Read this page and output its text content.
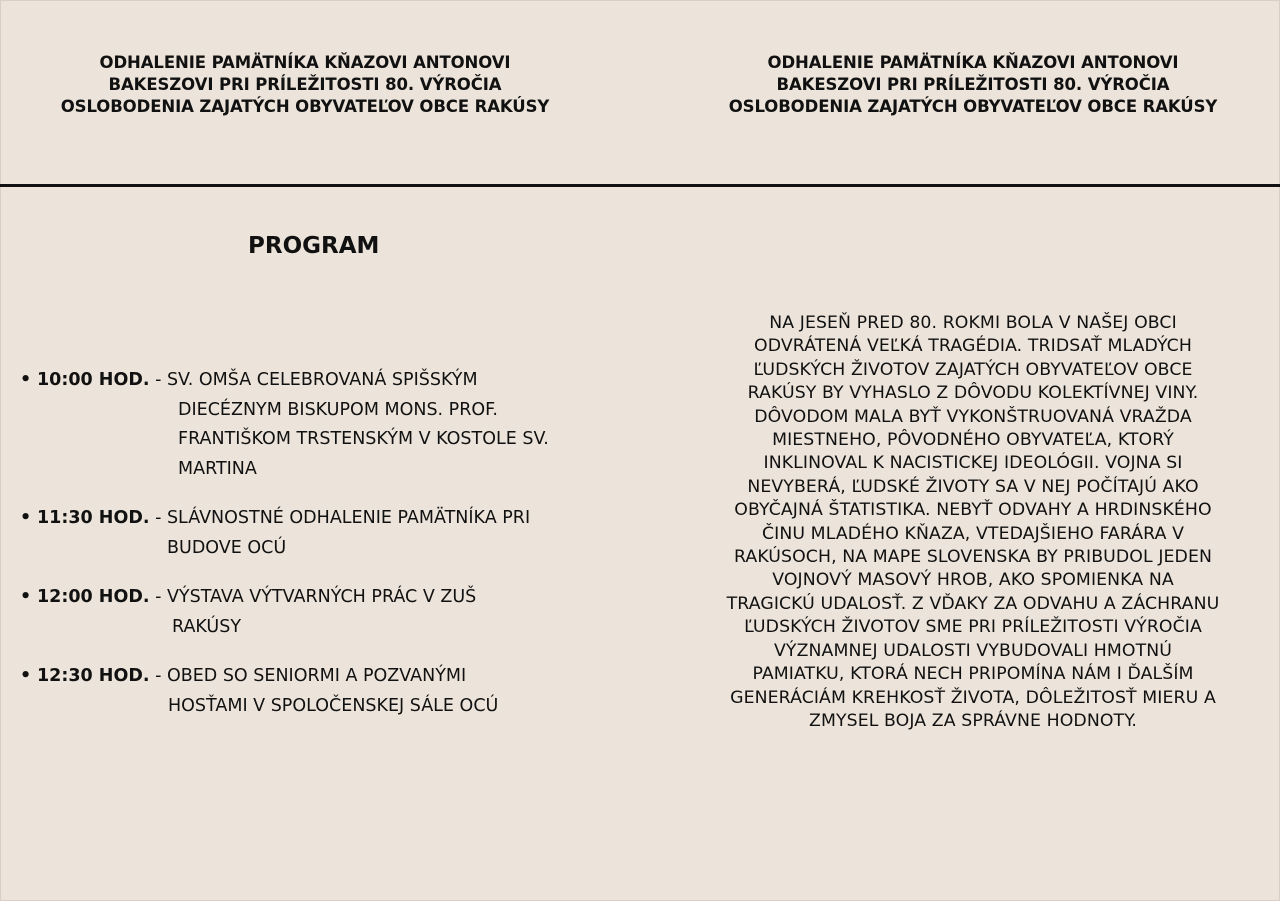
ODHALENIE PAMÄTNÍKA KŇAZOVI ANTONOVI
BAKESZOVI PRI PRÍLEŽITOSTI 80. VÝROČIA
OSLOBODENIA ZAJATÝCH OBYVATEĽOV OBCE RAKÚSY
ODHALENIE PAMÄTNÍKA KŇAZOVI ANTONOVI
BAKESZOVI PRI PRÍLEŽITOSTI 80. VÝROČIA
OSLOBODENIA ZAJATÝCH OBYVATEĽOV OBCE RAKÚSY
PROGRAM
• 10:00 HOD. - SV. OMŠA CELEBROVANÁ SPIŠSKÝM
DIECÉZNYM BISKUPOM MONS. PROF.
FRANTIŠKOM TRSTENSKÝM V KOSTOLE SV.
MARTINA
• 11:30 HOD. - SLÁVNOSTNÉ ODHALENIE PAMÄTNÍKA PRI
BUDOVE OCÚ
• 12:00 HOD. - VÝSTAVA VÝTVARNÝCH PRÁC V ZUŠ
RAKÚSY
• 12:30 HOD. - OBED SO SENIORMI A POZVANÝMI
HOSŤAMI V SPOLOČENSKEJ SÁLE OCÚ
NA JESEŇ PRED 80. ROKMI BOLA V NAŠEJ OBCI
ODVRÁTENÁ VEĽKÁ TRAGÉDIA. TRIDSAŤ MLADÝCH
ĽUDSKÝCH ŽIVOTOV ZAJATÝCH OBYVATEĽOV OBCE
RAKÚSY BY VYHASLO Z DÔVODU KOLEKTÍVNEJ VINY.
DÔVODOM MALA BYŤ VYKONŠTRUOVANÁ VRAŽDA
MIESTNEHO, PÔVODNÉHO OBYVATEĽA, KTORÝ
INKLINOVAL K NACISTICKEJ IDEOLÓGII. VOJNA SI
NEVYBERÁ, ĽUDSKÉ ŽIVOTY SA V NEJ POČÍTAJÚ AKO
OBYČAJNÁ ŠTATISTIKA. NEBYŤ ODVAHY A HRDINSKÉHO
ČINU MLADÉHO KŇAZA, VTEDAJŠIEHO FARÁRA V
RAKÚSOCH, NA MAPE SLOVENSKA BY PRIBUDOL JEDEN
VOJNOVÝ MASOVÝ HROB, AKO SPOMIENKA NA
TRAGICKÚ UDALOSŤ. Z VĎAKY ZA ODVAHU A ZÁCHRANU
ĽUDSKÝCH ŽIVOTOV SME PRI PRÍLEŽITOSTI VÝROČIA
VÝZNAMNEJ UDALOSTI VYBUDOVALI HMOTNÚ
PAMIATKU, KTORÁ NECH PRIPOMÍNA NÁM I ĎALŠÍM
GENERÁCIÁM KREHKOSŤ ŽIVOTA, DÔLEŽITOSŤ MIERU A
ZMYSEL BOJA ZA SPRÁVNE HODNOTY.
